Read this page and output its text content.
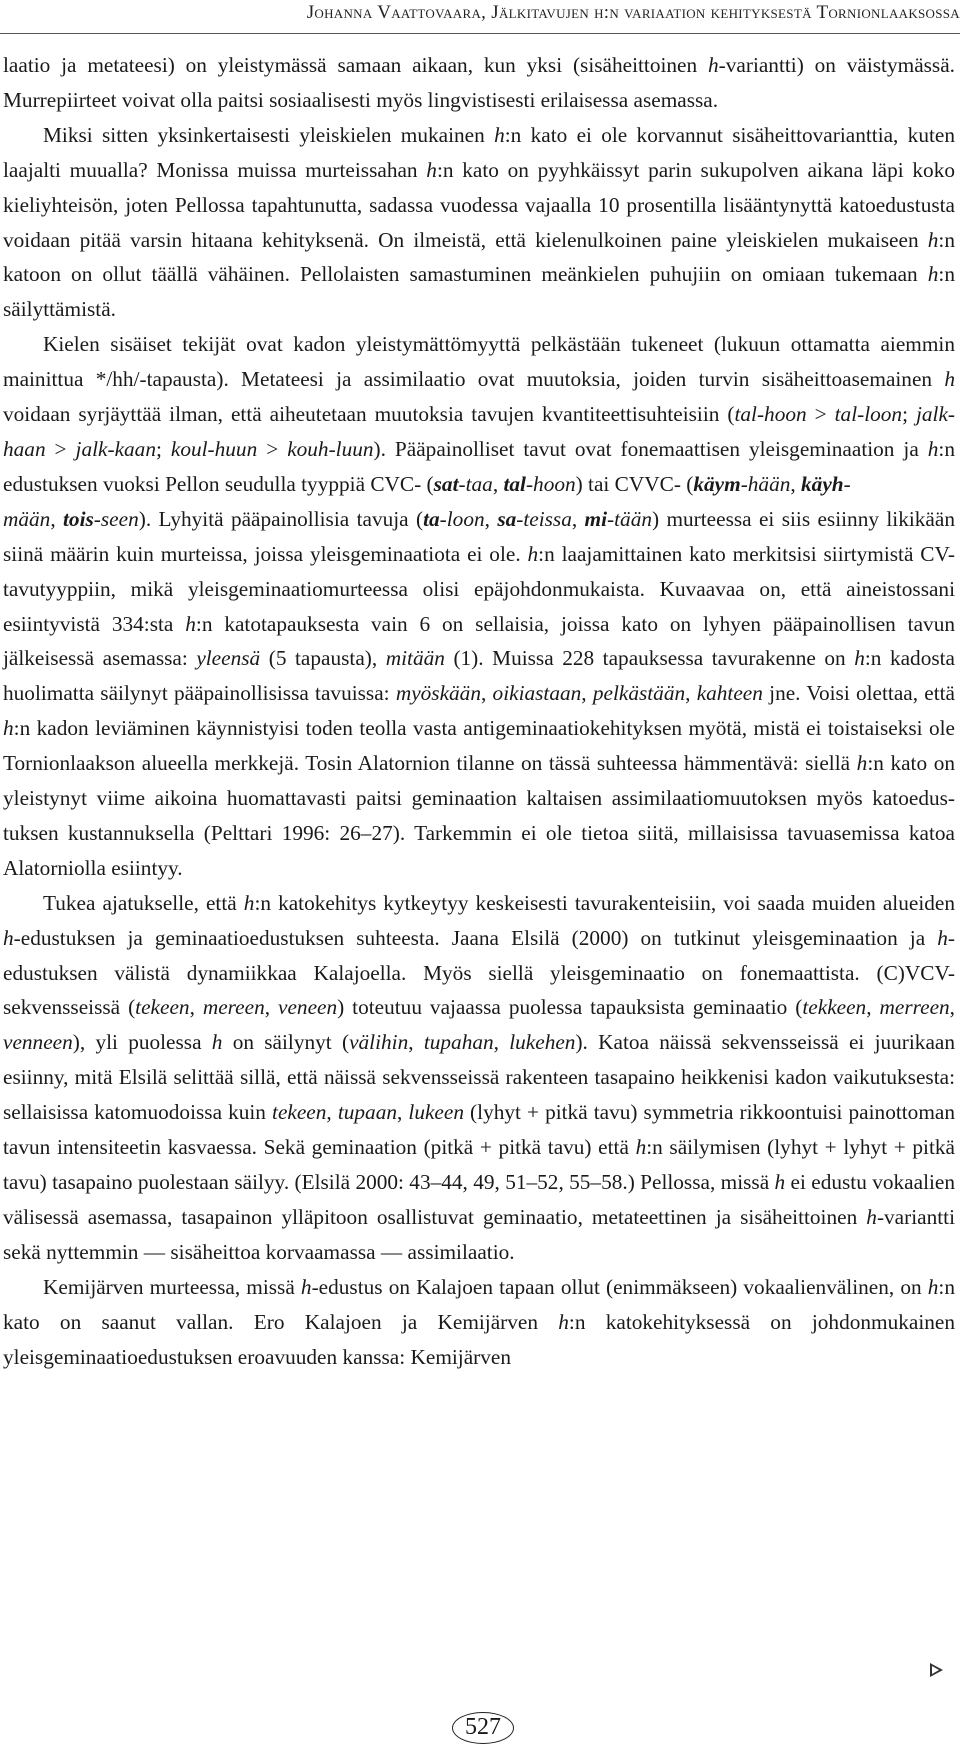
Johanna Vaattovaara, Jälkitavujen h:n variaation kehityksestä Tornionlaaksossa

laatio ja metateesi) on yleistymässä samaan aikaan, kun yksi (sisäheittoinen h-variantti) on väistymässä. Murrepiirteet voivat olla paitsi sosiaalisesti myös lingvistisesti erilaisessa asemassa.

Miksi sitten yksinkertaisesti yleiskielen mukainen h:n kato ei ole korvannut sisäheittovarianttia, kuten laajalti muualla? Monissa muissa murteissahan h:n kato on pyyhkäissyt parin sukupolven aikana läpi koko kieliyhteisön, joten Pellossa tapahtunutta, sadassa vuodessa vajaalla 10 prosentilla lisääntynyttä katoedustusta voidaan pitää varsin hitaana kehityksenä. On ilmeistä, että kielenulkoinen paine yleiskielen mukaiseen h:n katoon on ollut täällä vähäinen. Pellolaisten samastuminen meänkielen puhujiin on omiaan tukemaan h:n säilyttämistä.

Kielen sisäiset tekijät ovat kadon yleistymättömyyttä pelkästään tukeneet (lukuun ottamatta aiemmin mainittua */hh/-tapausta). Metateesi ja assimilaatio ovat muutoksia, joiden turvin sisäheittoasemainen h voidaan syrjäyttää ilman, että aiheutetaan muutoksia tavujen kvantiteettisuhteisiin (tal-hoon > tal-loon; jalk-haan > jalk-kaan; koul-huun > kouh-luun). Pääpainolliset tavut ovat fonemaattisen yleisgeminaation ja h:n edustuksen vuoksi Pellon seudulla tyyppiä CVC- (sat-taa, tal-hoon) tai CVVC- (käym-hään, käyh-
mään, tois-seen). Lyhyitä pääpainollisia tavuja (ta-loon, sa-teissa, mi-tään) murteessa ei siis esiinny likikään siinä määrin kuin murteissa, joissa yleisgeminaatiota ei ole. h:n laajamittainen kato merkitsisi siirtymistä CV-tavutyyppiin, mikä yleisgeminaatiomurteessa olisi epäjohdonmukaista. Kuvaavaa on, että aineistossani esiintyvistä 334:sta h:n katotapauksesta vain 6 on sellaisia, joissa kato on lyhyen pääpainollisen tavun jälkeisessä asemassa: yleensä (5 tapausta), mitään (1). Muissa 228 tapauksessa tavurakenne on h:n kadosta huolimatta säilynyt pääpainollisissa tavuissa: myöskään, oikiastaan, pelkästään, kahteen jne. Voisi olettaa, että h:n kadon leviäminen käynnistyisi toden teolla vasta antigeminaatiokehityksen myötä, mistä ei toistaiseksi ole Tornionlaakson alueella merkkejä. Tosin Alatornion tilanne on tässä suhteessa hämmentävä: siellä h:n kato on yleistynyt viime aikoina huomattavasti paitsi geminaation kaltaisen assimilaatiomuutoksen myös katoedustuksen kustannuksella (Pelttari 1996: 26–27). Tarkemmin ei ole tietoa siitä, millaisissa tavuasemissa katoa Alatorniolla esiintyy.

Tukea ajatukselle, että h:n katokehitys kytkeytyy keskeisesti tavurakenteisiin, voi saada muiden alueiden h-edustuksen ja geminaatioedustuksen suhteesta. Jaana Elsilä (2000) on tutkinut yleisgeminaation ja h-edustuksen välistä dynamiikkaa Kalajoella. Myös siellä yleisgeminaatio on fonemaattista. (C)VCV-sekvensseissä (tekeen, mereen, veneen) toteutuu vajaassa puolessa tapauksista geminaatio (tekkeen, merreen, venneen), yli puolessa h on säilynyt (välihin, tupahan, lukehen). Katoa näissä sekvensseissä ei juurikaan esiinny, mitä Elsilä selittää sillä, että näissä sekvensseissä rakenteen tasapaino heikkenisi kadon vaikutuksesta: sellaisissa katomuodoissa kuin tekeen, tupaan, lukeen (lyhyt + pitkä tavu) symmetria rikkoontuisi painottoman tavun intensiteetin kasvaessa. Sekä geminaation (pitkä + pitkä tavu) että h:n säilymisen (lyhyt + lyhyt + pitkä tavu) tasapaino puolestaan säilyy. (Elsilä 2000: 43–44, 49, 51–52, 55–58.) Pellossa, missä h ei edustu vokaalien välisessä asemassa, tasapainon ylläpitoon osallistuvat geminaatio, metateettinen ja sisäheittoinen h-variantti sekä nyttemmin — sisäheittoa korvaamassa — assimilaatio.

Kemijärven murteessa, missä h-edustus on Kalajoen tapaan ollut (enimmäkseen) vokaalienvälinen, on h:n kato on saanut vallan. Ero Kalajoen ja Kemijärven h:n katokehityksessä on johdonmukainen yleisgeminaatioedustuksen eroavuuden kanssa: Kemijärven

527
